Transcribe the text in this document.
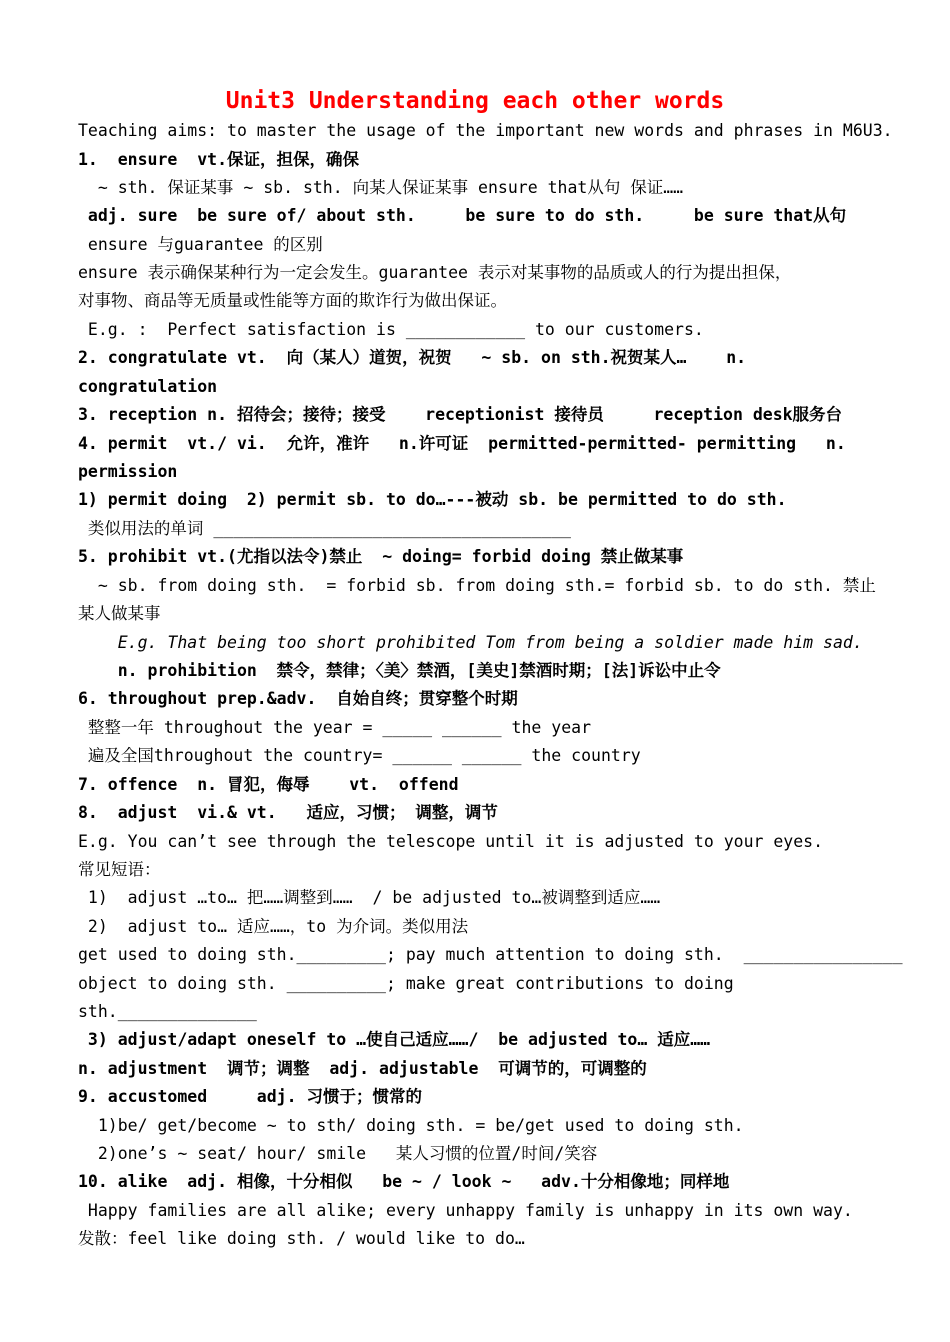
Unit3 Understanding each other words
Teaching aims: to master the usage of the important new words and phrases in M6U3.
1.  ensure  vt.保证，担保，确保
~ sth. 保证某事 ~ sb. sth. 向某人保证某事 ensure that从句 保证……
adj. sure  be sure of/ about sth.     be sure to do sth.     be sure that从句
ensure 与guarantee 的区别
ensure 表示确保某种行为一定会发生。guarantee 表示对某事物的品质或人的行为提出担保，
对事物、商品等无质量或性能等方面的欺诈行为做出保证。
E.g. :  Perfect satisfaction is ____________ to our customers.
2. congratulate vt.  向（某人）道贺，祝贺   ~ sb. on sth.祝贺某人…    n.
congratulation
3. reception n. 招待会；接待；接受    receptionist 接待员     reception desk服务台
4. permit  vt./ vi.  允许，准许   n.许可证  permitted-permitted- permitting   n.
permission
1) permit doing  2) permit sb. to do…---被动 sb. be permitted to do sth.
类似用法的单词 ____________________________________
5. prohibit vt.(尤指以法令)禁止  ~ doing= forbid doing 禁止做某事
~ sb. from doing sth.  = forbid sb. from doing sth.= forbid sb. to do sth. 禁止
某人做某事
E.g. That being too short prohibited Tom from being a soldier made him sad.
n. prohibition  禁令，禁律；〈美〉禁酒，[美史]禁酒时期；[法]诉讼中止令
6. throughout prep.&adv.  自始自终；贯穿整个时期
整整一年 throughout the year = _____ ______ the year
遍及全国throughout the country= ______ ______ the country
7. offence  n. 冒犯，侮辱    vt.  offend
8.  adjust  vi.& vt.   适应，习惯； 调整，调节
E.g. You can’t see through the telescope until it is adjusted to your eyes.
常见短语：
1)  adjust …to… 把……调整到……  / be adjusted to…被调整到适应……
2)  adjust to… 适应……，to 为介词。类似用法
get used to doing sth._________; pay much attention to doing sth.  ________________
object to doing sth. __________; make great contributions to doing
sth.______________
3) adjust/adapt oneself to …使自己适应……/  be adjusted to… 适应……
n. adjustment  调节；调整  adj. adjustable  可调节的，可调整的
9. accustomed     adj. 习惯于；惯常的
1)be/ get/become ~ to sth/ doing sth. = be/get used to doing sth.
2)one’s ~ seat/ hour/ smile   某人习惯的位置/时间/笑容
10. alike  adj. 相像，十分相似   be ~ / look ~   adv.十分相像地；同样地
Happy families are all alike; every unhappy family is unhappy in its own way.
发散：feel like doing sth. / would like to do…
